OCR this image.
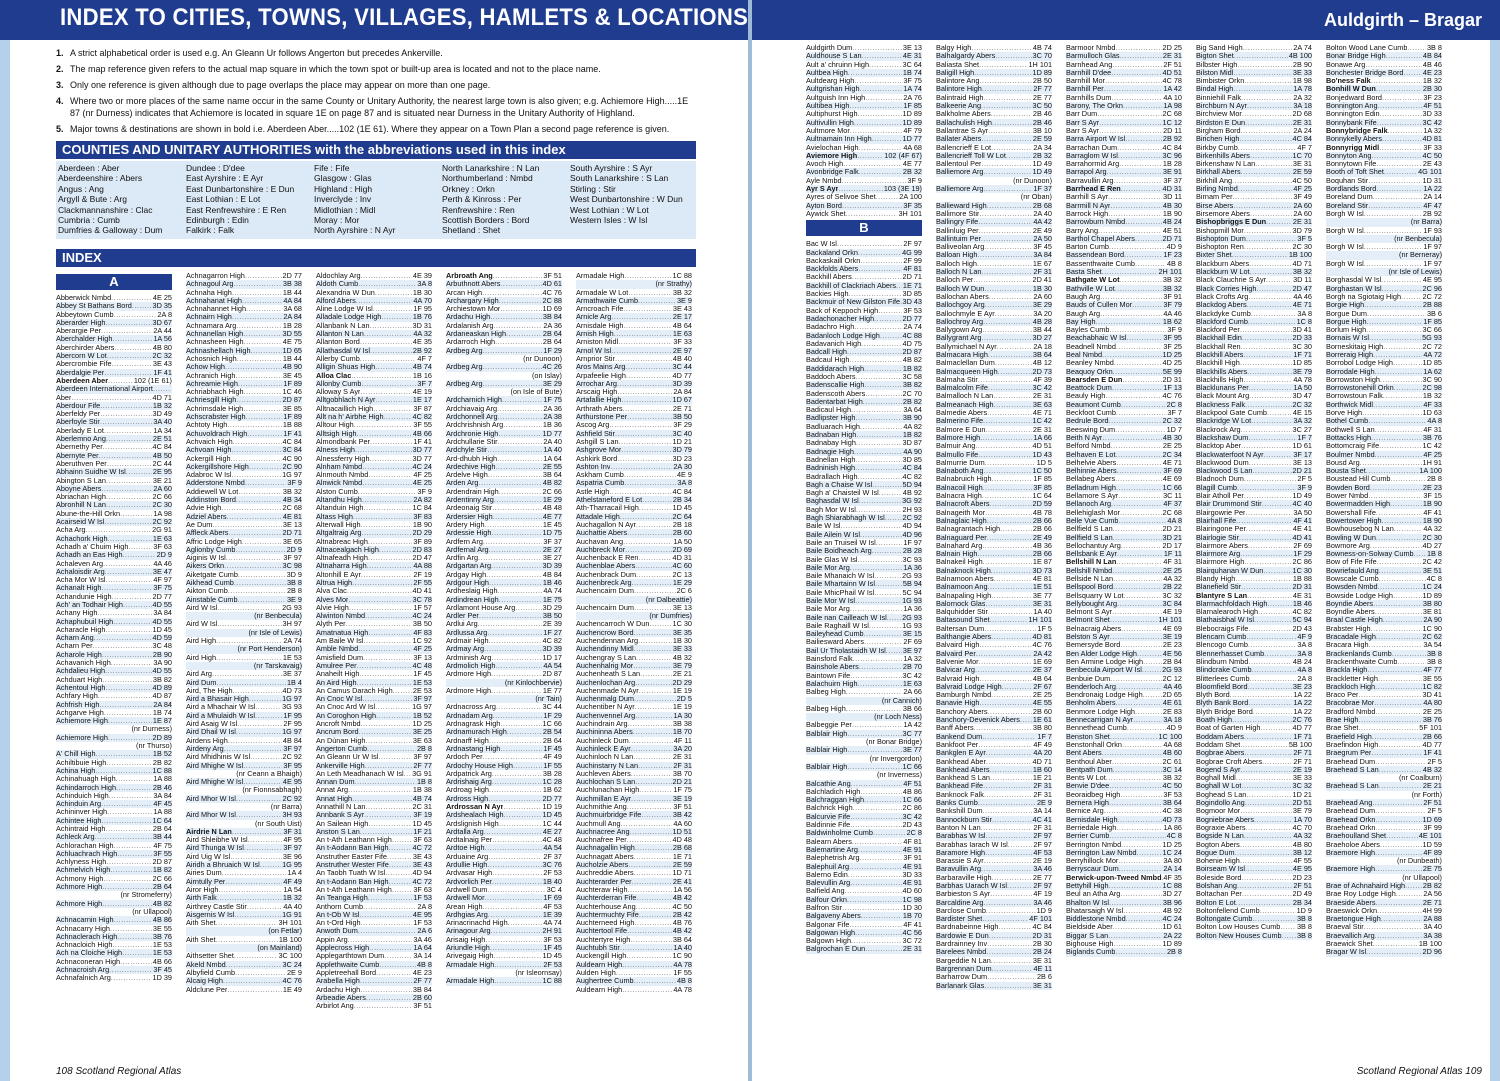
INDEX TO CITIES, TOWNS, VILLAGES, HAMLETS & LOCATIONS
1. A strict alphabetical order is used e.g. An Gleann Ur follows Angerton but precedes Ankerville.
2. The map reference given refers to the actual map square in which the town spot or built-up area is located and not to the place name.
3. Only one reference is given although due to page overlaps the place may appear on more than one page.
4. Where two or more places of the same name occur in the same County or Unitary Authority, the nearest large town is also given; e.g. Achiemore High.....1E 87 (nr Durness) indicates that Achiemore is located in square 1E on page 87 and is situated near Durness in the Unitary Authority of Highland.
5. Major towns & destinations are shown in bold i.e. Aberdeen Aber.....102 (1E 61). Where they appear on a Town Plan a second page reference is given.
COUNTIES AND UNITARY AUTHORITIES with the abbreviations used in this index
Aberdeen : Aber
Aberdeenshire : Abers
Angus : Ang
Argyll & Bute : Arg
Clackmannanshire : Clac
Cumbria : Cumb
Dumfries & Galloway : Dum
Dundee : D'dee
East Ayrshire : E Ayr
East Dunbartonshire : E Dun
East Lothian : E Lot
East Renfrewshire : E Ren
Edinburgh : Edin
Falkirk : Falk
Fife : Fife
Glasgow : Glas
Highland : High
Inverclyde : Inv
Midlothian : Midl
Moray : Mor
North Ayrshire : N Ayr
North Lanarkshire : N Lan
Northumberland : Nmbd
Orkney : Orkn
Perth & Kinross : Per
Renfrewshire : Ren
Scottish Borders : Bord
Shetland : Shet
South Ayrshire : S Ayr
South Lanarkshire : S Lan
Stirling : Stir
West Dunbartonshire : W Dun
West Lothian : W Lot
Western Isles : W Isl
INDEX
A
Abberwick Nmbd
.....	4E 25
Abbey St Bathans Bord
.....	3D 35
Abbeytown Cumb
.....	2A 8
Aberarder High
.....	3D 67
Aberargie Per
.....	2A 44
Aberchalder High
.....	1A 56
Aberchirder Abers
.....	4B 80
Abercorn W Lot
.....	2C 32
Abercrombie Fife
.....	3E 43
Aberdalgie Per
.....	1F 41
Aberdeen Aber
.....	102 (1E 61)
Aberdeen International Airport
.....
Aber
.....	4D 71
Aberdour Fife
.....	1B 32
Aberfeldy Per
.....	3D 49
Aberfoyle Stir
.....	3A 40
Aberlady E Lot
.....	1A 34
Aberlemno Ang
.....	2E 51
Abernethy Per
.....	4C 84
Abernyte Per
.....	4B 50
Aberuthven Per
.....	2C 44
Abhainn Suidhe W Isl
.....	2E 95
Abington S Lan
.....	3E 21
Aboyne Abers
.....	2A 60
Abriachan High
.....	2C 66
Abronhill N Lan
.....	2C 30
Abune-the-Hill Orkn
.....	1A 98
Acairseid W Isl
.....	2C 92
Acha Arg
.....	2G 91
Achachork High
.....	1E 63
Achadh a' Chuim High
.....	3F 63
Achadh an Eas High
.....	2D 9
Achaleven Arg
.....	4A 46
Achaloisdir Arg
.....	3E 47
Acha Mor W Isl
.....	4F 97
Achanalt High
.....	3F 75
Achandunie High
.....	2D 77
Ach' an Todhair High
.....	4D 55
Achany High
.....	3A 84
Achaphubuil High
.....	4D 55
Acharacle High
.....	1D 45
Acharn Ang
.....	4D 59
Acharn Per
.....	3C 48
Acharole High
.....	2B 90
Achavanich High
.....	3A 90
Achdalieu High
.....	4D 55
Achduart High
.....	3B 82
Achentoul High
.....	4D 89
Achfary High
.....	4D 87
Achfrish High
.....	2A 84
Achgarve High
.....	1B 74
Achiemore High
.....	1E 87
(nr Durness)
Achiemore High
.....	2D 89
(nr Thurso)
A' Chill High
.....	1B 52
Achiltibuie High
.....	2B 82
Achina High
.....	1C 88
Achinahuagh High
.....	1A 88
Achindarroch High
.....	2B 46
Achinduich High
.....	3A 84
Achinduin Arg
.....	4F 45
Achininver High
.....	1A 88
Achintee High
.....	1C 64
Achintraid High
.....	2B 64
Achleck Arg
.....	3B 44
Achlorachan High
.....	4F 75
Achluachrach High
.....	3F 55
Achlyness High
.....	2D 87
Achmelvich High
.....	1B 82
Achmony High
.....	2C 66
Achmore High
.....	2B 64
(nr Stromeferry)
Achmore High
.....	4B 82
(nr Ullapool)
Achnacarnin High
.....	4B 86
Achnacarry High
.....	3E 55
Achnaclerach High
.....	3B 76
Achnacloich High
.....	1E 53
Ach na Cloiche High
.....	1E 53
Achnaconeran High
.....	4B 66
Achnacroish Arg
.....	3F 45
Achnafalnich Arg
.....	1D 39
Achnagarron High
.....	2D 77
Achnagoul Arg
.....	3B 38
Achnaha High
.....	1B 44
Achnahanat High
.....	4A 84
Achnahannet High
.....	3A 68
Achnairn High
.....	2A 84
Achnamara Arg
.....	1B 28
Achnanellan High
.....	3D 55
Achnasheen High
.....	4E 75
Achnashellach High
.....	1D 65
Achosnich High
.....	1B 44
Achow High
.....	4B 90
Achranich High
.....	3E 45
Achreamie High
.....	1F 89
Achriabhach High
.....	1C 46
Achriesgill High
.....	2D 87
Achrimsdale High
.....	3E 85
Achscrabster High
.....	1F 89
Achtoty High
.....	1B 88
Achuvoldrach High
.....	1F 41
Achvaich High
.....	4C 84
Achvoan High
.....	3C 84
Ackergill High
.....	4C 90
Ackergillshore High
.....	2C 90
Adabroc W Isl
.....	1G 97
Adderstone Nmbd
.....	3F 9
Addiewell W Lot
.....	3B 32
Addinston Bord
.....	4B 34
Advie High
.....	2C 68
Adziel Abers
.....	4E 81
Ae Dum
.....	3E 13
Affleck Abers
.....	2D 71
Affric Lodge High
.....	3E 65
Aglionby Cumb
.....	2D 9
Aiginis W Isl
.....	3F 97
Aikers Orkn
.....	3C 98
Aiketgate Cumb
.....	3D 9
Aikhead Cumb
.....	3B 8
Aikton Cumb
.....	2B 8
Ainstable Cumb
.....	3E 9
Aird W Isl
.....	2G 93
(nr Benbecula)
Aird W Isl
.....	3H 97
(nr Isle of Lewis)
Aird High
.....	2A 74
(nr Port Henderson)
Aird High
.....	1E 53
(nr Tarskavaig)
Aird Arg
.....	3E 37
Aird Dum
.....	1B 4
Aird, The High
.....	4D 73
Aird a Bhasair High
.....	1G 97
Aird a Mhachair W Isl
.....	3G 93
Aird a Mhulaidh W Isl
.....	1F 95
Aird Asaig W Isl
.....	2F 95
Aird Dhail W Isl
.....	1G 97
Airdens High
.....	4B 84
Airdeny Arg
.....	3F 97
Aird Mhidhinis W Isl
.....	2C 92
Aird Mhighe W Isl
.....	3F 95
(nr Ceann a Bhaigh)
Aird Mhighe W Isl
.....	4E 95
(nr Fionnsabhagh)
Aird Mhor W Isl
.....	2C 92
(nr Barra)
Aird Mhor W Isl
.....	3H 93
(nr South Uist)
Airdrie N Lan
.....	3F 31
Aird Shleibhe W Isl
.....	4F 95
Aird Thunga W Isl
.....	3F 97
Aird Uig W Isl
.....	3E 96
Airidh a Bhruaich W Isl
.....	1G 95
Airies Dum
.....	1A 4
Airntully Per
.....	4F 49
Airor High
.....	1A 54
Airth Falk
.....	1B 32
Airthrey Castle Stir
.....	4A 40
Aisgernis W Isl
.....	1G 91
Aith Shet
.....	3H 101
(on Fetlar)
Aith Shet
.....	1B 100
(on Mainland)
Aithsetter Shet
.....	3C 100
Akeld Nmbd
.....	3C 24
Albyfield Cumb
.....	2E 9
Alcaig High
.....	4C 76
Aldclune Per
.....	1E 49
Aldochlay Arg
.....	4E 39
Aldoth Cumb
.....	3A 8
Alexandria W Dun
.....	1B 30
Alford Abers
.....	4A 70
Aline Lodge W Isl
.....	1F 95
Alladale Lodge High
.....	1B 76
Allanbank N Lan
.....	3D 31
Allanton N Lan
.....	4A 32
Allanton Bord
.....	4E 35
Allathasdal W Isl
.....	2B 92
Allerby Cumb
.....	4F 7
Alligin Shuas High
.....	4B 74
Alloa Clac
.....	1B 16
Allonby Cumb
.....	3F 7
Alloway S Ayr
.....	4E 19
Alltgobhlach N Ayr
.....	1E 17
Alltnacaillich High
.....	3F 87
Allt na h' Airbhe High
.....	4C 82
Alltour High
.....	3F 55
Alltsigh High
.....	4B 66
Almondbank Per
.....	1F 41
Alness High
.....	3D 77
Alnessferry High
.....	3D 77
Alnham Nmbd
.....	4C 24
Alnmouth Nmbd
.....	4F 25
Alnwick Nmbd
.....	4E 25
Alston Cumb
.....	3F 9
Altandhu High
.....	2A 82
Altanduin High
.....	1C 84
Altass High
.....	3F 83
Alterwall High
.....	1B 90
Altgaltraig Arg
.....	2D 29
Altnabreac High
.....	3F 89
Altnacealgach High
.....	2D 83
Altnafeadh High
.....	2D 47
Altnaharra High
.....	4A 88
Altonhill E Ayr
.....	2F 19
Altrua High
.....	2F 55
Alva Clac
.....	4D 41
Alves Mor
.....	3C 78
Alvie High
.....	1F 57
Alwinton Nmbd
.....	4C 24
Alyth Per
.....	3B 50
Amatnatua High
.....	4F 83
Am Baile W Isl
.....	1C 92
Amble Nmbd
.....	4F 25
Amisfield Dum
.....	3F 13
Amulree Per
.....	4C 48
Anaheilt High
.....	1F 45
An Aird High
.....	1E 53
An Camus Darach High
.....	2E 53
An Cnoc W Isl
.....	3F 97
An Cnoc Ard W Isl
.....	1G 97
An Coroghon High
.....	1B 52
Ancroft Nmbd
.....	1D 25
Ancrum Bord
.....	3E 25
An Dùnan High
.....	3E 63
Angerton Cumb
.....	2B 8
An Gleann Ur W Isl
.....	3F 97
Ankerville High
.....	2F 77
An Leth Meadhanach W Isl
..... 3G 91
Annan Dum
.....	1B 8
Annat Arg
.....	1B 38
Annat High
.....	4B 74
Annathill N Lan
.....	2C 31
Annbank S Ayr
.....	3F 19
An Sailean High
.....	1D 45
Anston S Lan
.....	1F 21
An t-Ath Leathann High
.....	3F 63
An t-Aodann Ban High
.....	4C 72
Anstruther Easter Fife
.....	3E 43
Anstruther Wester Fife
.....	3E 43
An Taobh Tuath W Isl
.....	4D 94
An t-Aodann Ban High
.....	4C 72
An t-Ath Leathann High
.....	3F 63
An Teanga High
.....	1F 53
Anthorn Cumb
.....	2A 8
An t-Ob W Isl
.....	4E 95
An t-Ord High
.....	1F 53
Anwoth Dum
.....	2A 6
Appin Arg
.....	3A 46
Applecross High
.....	1A 64
Applegarthtown Dum
.....	3A 14
Applethwaite Cumb
.....	4B 8
Appletreehall Bord
.....	4E 23
Arabella High
.....	2F 77
Ardachu High
.....	3B 84
Arbeadie Abers
.....	2B 60
Arbirlot Ang
.....	3F 51
Arbroath Ang
.....	3F 51
Arbuthnott Abers
.....	4D 61
Arcan High
.....	4C 76
Archargary High
.....	2C 88
Archiestown Mor
.....	1D 69
Ardachu High
.....	3B 84
Ardalanish Arg
.....	2A 36
Ardaneaskan High
.....	2B 64
Ardarroch High
.....	2B 64
Ardbeg Arg
.....	1F 29
(nr Dunoon)
Ardbeg Arg
.....	4C 26
(on Islay)
Ardbeg Arg
.....	3E 29
(on Isle of Bute)
Ardcharnich High
.....	1F 75
Ardchiavaig Arg
.....	2A 36
Ardchonnell Arg
.....	2A 38
Ardchrishnish Arg
.....	1B 36
Ardchronie High
.....	1D 77
Ardchullarie Stir
.....	2A 40
Ardchyle Stir
.....	1A 40
Ard-dhubh High
.....	1A 64
Ardechive High
.....	2E 55
Ardelve High
.....	3B 64
Arden Arg
.....	4B 82
Ardendrain High
.....	2C 66
Ardentinny Arg
.....	1E 29
Ardeonaig Stir
.....	4B 48
Ardersier High
.....	4E 77
Ardery High
.....	1E 45
Ardessie High
.....	1D 75
Ardfern Arg
.....	3F 37
Ardfernal Arg
.....	2E 27
Ardfin Arg
.....	3E 27
Ardgartan Arg
.....	3D 39
Ardgay High
.....	4B 84
Ardgour High
.....	1B 46
Ardheslaig High
.....	4A 74
Ardindrean High
.....	1E 75
Ardlamont House Arg
.....	3D 29
Ardler Per
.....	3B 50
Ardlui Arg
.....	2E 39
Ardlussa Arg
.....	1F 27
Ardmair High
.....	4C 82
Ardmay Arg
.....	3D 39
Ardminish Arg
.....	1D 17
Ardmolich High
.....	4A 54
Ardmore High
.....	2D 87
(nr Kinlochbervie)
Ardmore High
.....	1E 77
(nr Tain)
Ardnacross Arg
.....	3C 44
Ardnadam Arg
.....	1F 29
Ardnagrask High
.....	1C 66
Ardnamurach High
.....	2B 54
Ardnarff High
.....	2B 64
Ardnastang High
.....	1F 45
Ardoch Per
.....	4F 49
Ardochy House High
.....	1F 55
Ardpatrick Arg
.....	3B 28
Ardrishaig Arg
.....	1C 28
Ardroag High
.....	1B 62
Ardross High
.....	2D 77
Ardrossan N Ayr
.....	1D 19
Ardshealach High
.....	1D 45
Ardslignish High
.....	1C 44
Ardtalla Arg
.....	4E 27
Ardtalnaig Per
.....	4C 48
Ardtoe High
.....	4A 54
Arduaine Arg
.....	2F 37
Ardullie High
.....	3C 76
Ardvasar High
.....	2F 53
Ardvorlich Per
.....	1B 40
Ardwell Dum
.....	3C 4
Ardwell Mor
.....	1F 69
Arean High
.....	4F 53
Ardhgias Arg
.....	1E 39
Arinacrinachd High
.....	4A 74
Arinagour Arg
.....	2H 91
Arisaig High
.....	3F 53
Ariundle High
.....	1F 45
Arivegaig High
.....	1D 45
Armadale High
.....	2F 53
(nr Isleornsay)
Armadale High
.....	1C 88
Armadale High
.....	1C 88
(nr Strathy)
Armadale W Lot
.....	3B 32
Armathwaite Cumb
.....	3E 9
Arncroach Fife
.....	3E 43
Arnicle Arg
.....	2E 17
Arnisdale High
.....	4B 64
Arnish High
.....	1E 63
Arniston Midl
.....	3F 33
Arnol W Isl
.....	2E 97
Arnprior Stir
.....	4B 40
Aros Mains Arg
.....	3C 44
Arpafeelie High
.....	4D 77
Arrochar Arg
.....	3D 39
Arscaig High
.....	2A 84
Artafallie High
.....	1D 67
Arthrath Abers
.....	2E 71
Arthurstone Per
.....	3B 50
Ascog Arg
.....	3F 29
Ashfield Stir
.....	3C 40
Ashgill S Lan
.....	1D 21
Ashgrove Mor
.....	3D 79
Ashkirk Bord
.....	3D 23
Ashton Inv
.....	2A 30
Askham Cumb
.....	4E 9
Aspatria Cumb
.....	3A 8
Astle High
.....	4C 84
Athelstaneford E Lot
.....	2B 34
Ath-Tharracail High
.....	1D 45
Attadale High
.....	2C 64
Auchagallon N Ayr
.....	2B 18
Auchattie Abers
.....	2B 60
Auchavan Ang
.....	1A 50
Auchbreck Mor
.....	2D 69
Auchenback E Ren
.....	4D 31
Auchenblae Abers
.....	4C 60
Auchenbrack Dum
.....	2C 13
Auchenbreck Arg
.....	1E 29
Auchencairn Dum
.....	2C 6
(nr Dalbeattie)
Auchencairn Dum
.....	3E 13
(nr Dumfries)
Auchencarroch W Dun
.....	1C 30
Auchencrow Bord
.....	3E 35
Auchendennan Arg
.....	1B 30
Auchendinny Midl
.....	3E 33
Auchengray S Lan
.....	4B 32
Auchenhalrig Mor
.....	3E 79
Auchenheath S Lan
.....	2E 21
Auchenlochan Arg
.....	2D 29
Auchenmade N Ayr
.....	1E 19
Auchenmalg Dum
.....	2D 5
Auchentiber N Ayr
.....	1E 19
Auchenvennel Arg
.....	1A 30
Auchindrain Arg
.....	3B 38
Auchininna Abers
.....	1B 70
Auchinleck Dum
.....	4F 11
Auchinleck E Ayr
.....	3A 20
Auchinloch N Lan
.....	2E 31
Auchinstarry N Lan
.....	2F 31
Auchleven Abers
.....	3B 70
Auchlochan S Lan
.....	2D 21
Auchlunachan High
.....	1F 75
Auchmillan E Ayr
.....	3E 19
Auchmithie Ang
.....	3F 51
Auchmuirbridge Fife
.....	3B 42
Auchmull Ang
.....	4A 60
Auchnacree Ang
.....	1D 51
Auchnafree Per
.....	4D 48
Auchnagallin High
.....	2B 68
Auchnagatt Abers
.....	1E 71
Aucholzie Abers
.....	2E 59
Auchreddie Abers
.....	1D 71
Auchterarder Per
.....	2E 41
Auchteraw High
.....	1A 56
Auchterderran Fife
.....	4B 42
Auchterhouse Ang
.....	4C 50
Auchtermuchty Fife
.....	2B 42
Auchterneed High
.....	4B 76
Auchtertool Fife
.....	4B 42
Auchtertyre High
.....	3B 64
Auchtubh Stir
.....	1A 40
Auckengill High
.....	1C 90
Auldearn High
.....	4A 78
Aulden High
.....	1F 55
Aughertree Cumb
.....	4B 8
Auldearn High
.....	4A 78
108 Scotland Regional Atlas
Auldgirth – Bragar
Auldgirth Dum
.....	3E 13
Auldhouse S Lan
.....	4E 31
Ault a' chruinn High
.....	3C 64
Aultbea High
.....	1B 74
Aultdearg High
.....	3F 75
Aultgrishan High
.....	1A 74
Aultguish Inn High
.....	2A 76
Aultibea High
.....	1F 85
Aultiphurst High
.....	1D 89
Aultivullin High
.....	1D 89
Aultmore Mor
.....	4F 79
Aultnamain Inn High
.....	1D 77
Avielochan High
.....	4A 68
Aviemore High
.....	102 (4F 67)
Avoch High
.....	4E 77
Avonbridge Falk
.....	2B 32
Ayle Nmbd
.....	3F 9
Ayr S Ayr
.....	103 (3E 19)
Ayres of Selivoe Shet
.....	2A 100
Ayton Bord
.....	3F 35
Aywick Shet
.....	3H 101
B
Bac W Isl
.....	2F 97
Backaland Orkn
.....	4G 99
Backaskaill Orkn
.....	2F 99
Backfolds Abers
.....	4F 81
Backhill Abers
.....	2D 71
Backhill of Clackriach Abers
..... 1E 71
Backies High
.....	3D 85
Backmuir of New Gilston Fife
..... 3D 43
Back of Keppoch High
.....	3F 53
Badachonacher High
.....	2D 77
Badachro High
.....	2A 74
Badanloch Lodge High
.....	4C 88
Badavanich High
.....	4D 75
Badcall High
.....	2D 87
Badcaul High
.....	4B 82
Baddidarach High
.....	1B 82
Baddoch Abers
.....	3C 58
Badenscallie High
.....	3B 82
Badenscoth Abers
.....	2C 70
Badentarbat High
.....	2B 82
Badicaul High
.....	3A 64
Badlipster High
.....	3B 90
Badluarach High
.....	4A 82
Badnaban High
.....	1B 82
Badnabay High
.....	3D 87
Badnagie High
.....	4A 90
Badnellan High
.....	3D 85
Badninish High
.....	4C 84
Badrallach High
.....	4C 82
Bagh a Chaise W Isl
.....	5D 94
Bagh a' Chaisteil W Isl
.....	4B 92
Baghasdal W Isl
.....	3G 92
Bagh Mor W Isl
.....	2H 93
Bagh Shiarabhagh W Isl
..... 2C 92
Baile W Isl
.....	4D 94
Baile Ailein W Isl
.....	4D 96
Baile an Truiseil W Isl
.....	1F 97
Baile Boidheach Arg
.....	2B 28
Baile Glas W Isl
.....	3C 93
Baile Mor Arg
.....	1A 36
Baile Mhanaich W Isl
.....	2G 93
Baile Mhartainn W Isl
.....	5B 94
Baile MhicPhail W Isl
.....	5C 94
Baile Mor W Isl
.....	1G 93
Baile Mor Arg
.....	1A 36
Baile nan Cailleach W Isl
..... 2G 93
Baile Raghaill W Isl
.....	1G 93
Baileyhead Cumb
.....	3E 15
Bailiesward Abers
.....	2F 69
Bail Ur Tholastaidh W Isl
..... 3E 97
Bainsford Falk
.....	1A 32
Bainshole Abers
.....	2B 70
Baintown Fife
.....	3C 42
Balachuirn High
.....	1E 63
Balbeg High
.....	2A 66
(nr Cannich)
Balbeg High
.....	3B 66
(nr Loch Ness)
Balbeggie Per
.....	1A 42
Balblair High
.....	3C 77
(nr Bonar Bridge)
Balblair High
.....	3E 77
(nr Invergordon)
Balblair High
.....	1C 66
(nr Inverness)
Balcathie Ang
.....	4F 51
Balchladich High
.....	4B 86
Balchraggan High
.....	1C 66
Balchrick High
.....	2C 86
Balcurvie Fife
.....	3C 42
Baldinnie Fife
.....	2D 43
Baldwinholme Cumb
.....	2C 8
Balearn Abers
.....	4F 81
Balemartine Arg
.....	4E 91
Balephetrish Arg
.....	3F 91
Balephuil Arg
.....	4E 91
Balerno Edin
.....	3D 33
Balevullin Arg
.....	4E 91
Balfield Ang
.....	4D 60
Balfour Orkn
.....	1C 98
Balfron Stir
.....	1D 30
Balgaveny Abers
.....	1B 70
Balgonar Fife
.....	4F 41
Balgowan High
.....	4C 56
Balgown High
.....	3C 72
Balgrochan E Dun
.....	2E 31
Balgy High
.....	4B 74
Balhalgardy Abers
.....	3C 70
Baliasta Shet
.....	1H 101
Baligill High
.....	1D 89
Balintore Ang
.....	2B 50
Balintore High
.....	2F 77
Balintraid High
.....	2E 77
Balkeerie Ang
.....	3C 50
Balkholme Abers
.....	2B 46
Ballachulish High
.....	2B 46
Ballantrae S Ayr
.....	3B 10
Ballater Abers
.....	2E 59
Ballencrieff E Lot
.....	2A 34
Ballencrieff Toll W Lot
.....	2B 32
Ballentoul Per
.....	1D 49
Balliemore Arg
.....	1D 49
(nr Dunoon)
Balliemore Arg
.....	1F 37
(nr Oban)
Ballieward High
.....	2B 68
Ballimore Stir
.....	2A 40
Ballingry Fife
.....	4A 42
Ballinluig Per
.....	2E 49
Ballintuim Per
.....	2A 50
Balliveolan Arg
.....	3F 45
Balloan High
.....	3A 84
Balloch High
.....	1E 67
Balloch N Lan
.....	2F 31
Balloch Per
.....	2D 41
Balloch W Dun
.....	1B 30
Ballochan Abers
.....	2A 60
Ballochgoy Arg
.....	3E 29
Ballochmyle E Ayr
.....	3A 20
Ballochroy Arg
.....	4B 28
Ballygown Arg
.....	3B 44
Ballygrant Arg
.....	3D 27
Ballymichael N Ayr
.....	2A 18
Balmacara High
.....	3B 64
Balmaclellan Dum
.....	4B 12
Balmacqueen High
.....	2D 73
Balmaha Stir
.....	4F 39
Balmalcolm Fife
.....	3C 42
Balmalloch N Lan
.....	2E 31
Balmeanach High
.....	3E 63
Balmedie Abers
.....	4E 71
Balmerino Fife
.....	1C 42
Balmore E Dun
.....	2E 31
Balmore High
.....	1A 66
Balmuir Ang
.....	4D 51
Balmullo Fife
.....	1D 43
Balmurrie Dum
.....	1D 5
Balnaboth Ang
.....	1C 50
Balnabruich High
.....	1F 85
Balnacoil High
.....	3F 85
Balnacra High
.....	1C 64
Balnacroft Abers
.....	2D 59
Balnageith Mor
.....	4B 78
Balnaglaic High
.....	2B 66
Balnagrantach High
.....	2B 66
Balnaguard Per
.....	2E 49
Balnahard Arg
.....	4B 36
Balnain High
.....	2B 66
Balnakeil High
.....	1E 87
Balnaknock High
.....	3D 73
Balnamoon Abers
.....	4E 81
Balnamoon Ang
.....	1E 51
Balnapaling High
.....	3E 77
Balornock Glas
.....	3E 31
Balquhidder Stir
.....	1A 40
Baltasound Shet
.....	1H 101
Baltersan Dum
.....	1F 5
Balthangie Abers
.....	4D 81
Balvaird High
.....	4C 76
Balvaird Per
.....	2A 42
Balvenie Mor
.....	1E 69
Balvicar Arg
.....	2E 37
Balvraid High
.....	4B 64
Balvraid Lodge High
.....	2F 67
Bamburgh Nmbd
.....	2E 25
Banavie High
.....	4E 55
Banchory Abers
.....	2B 60
Banchory-Devenick Abers
..... 1E 61
Banff Abers
.....	3B 80
Bankend Dum
.....	1F 7
Bankfoot Per
.....	4F 49
Bankglen E Ayr
.....	4A 20
Bankhead Aber
.....	4D 71
Bankhead Abers
.....	1B 60
Bankhead S Lan
.....	1E 21
Bankhead Fife
.....	2F 31
Banknock Falk
.....	2F 31
Banks Cumb
.....	2E 9
Bankshill Dum
.....	3A 14
Bannockburn Stir
.....	4C 41
Banton N Lan
.....	2F 31
Barabhas W Isl
.....	2F 97
Barabhas Iarach W Isl
.....	2F 97
Baramore High
.....	4F 53
Barassie S Ayr
.....	2E 19
Baravullin Arg
.....	3A 46
Barbaraville High
.....	2E 77
Barbhas Uarach W Isl
.....	2F 97
Barbieston S Ayr
.....	4F 19
Barcaldine Arg
.....	3A 46
Barclose Cumb
.....	1D 9
Bardister Shet
.....	4F 101
Bardnabeinne High
.....	4C 84
Bardowie E Dun
.....	2D 31
Bardrainney Inv
.....	2B 30
Barelees Nmbd
.....	2B 24
Bargeddie N Lan
.....	3E 31
Bargrennan Dum
.....	4E 11
Barharrow Dum
.....	2B 6
Barlanark Glas
.....	3E 31
Barmoor Nmbd
.....	2D 25
Barmulloch Glas
.....	2E 31
Barnhead Ang
.....	2F 51
Barnhill D'dee
.....	4D 51
Barnhill Mor
.....	4C 78
Barnhill Per
.....	1A 42
Barnhills Dum
.....	4A 10
Barony, The Orkn
.....	1A 98
Barr Dum
.....	2C 68
Barr S Ayr
.....	1C 12
Barr S Ayr
.....	2D 11
Barra Airport W Isl
.....	2B 92
Barrachan Dum
.....	4C 84
Barraglom W Isl
.....	3C 96
Barrahormid Arg
.....	1B 28
Barrapol Arg
.....	3E 91
Barravullin Arg
.....	3F 37
Barrhead E Ren
.....	4D 31
Barrhill S Ayr
.....	3D 11
Barrmill N Ayr
.....	4B 30
Barrock High
.....	1B 90
Barrowburn Nmbd
.....	4B 24
Barry Ang
.....	4E 51
Barthol Chapel Abers
.....	2D 71
Barton Cumb
.....	4D 9
Bassendean Bord
.....	1F 23
Bassenthwaite Cumb
.....	4B 8
Basta Shet
.....	2H 101
Bathgate W Lot
.....	3B 32
Bathville W Lot
.....	3B 32
Baugh Arg
.....	3F 91
Bauds of Cullen Mor
.....	3F 79
Baugh Arg
.....	4A 46
Bay High
.....	1B 62
Bayles Cumb
.....	3F 9
Beachabhaic W Isl
.....	3F 95
Beadnell Nmbd
.....	3F 25
Beal Nmbd
.....	1D 25
Beanley Nmbd
.....	4D 25
Beaquoy Orkn
.....	5E 99
Bearsden E Dun
.....	2D 31
Beattock Dum
.....	1F 13
Beauly High
.....	4C 76
Beaumont Cumb
.....	2C 8
Beckfoot Cumb
.....	3F 7
Bedrule Bord
.....	2C 32
Beeswing Dum
.....	1D 7
Beith N Ayr
.....	4B 30
Belford Nmbd
.....	2E 25
Belhaven E Lot
.....	2C 34
Belhelvie Abers
.....	4E 71
Belhinnie Abers
.....	3F 69
Bellabeg Abers
.....	4E 69
Belladrum High
.....	1C 66
Bellamore S Ayr
.....	3C 11
Bellanoch Arg
.....	4F 37
Bellehiglash Mor
.....	2C 68
Belle Vue Cumb
.....	4A 8
Bellfield S Lan
.....	2D 21
Bellfield S Lan
.....	3D 21
Bellochantuy Arg
.....	2D 17
Bellsbank E Ayr
.....	1F 11
Bellshill N Lan
.....	4F 31
Bellshill Nmbd
.....	2E 25
Bellside N Lan
.....	4A 32
Bellspool Bord
.....	2B 22
Bellsquarry W Lot
.....	3C 32
Bellybought Arg
.....	3C 84
Belmont S Ayr
.....	4E 19
Belmont Shet
.....	1H 101
Belnacraig Abers
.....	4E 69
Belston S Ayr
.....	3E 19
Bemersyde Bord
.....	2E 23
Ben Alder Lodge High
.....	4E 56
Ben Armine Lodge High
.....	2B 84
Benbecula Airport W Isl
.....	2G 93
Benbuie Dum
.....	2C 12
Benderloch Arg
.....	4A 46
Bendronaig Lodge High
.....	2D 65
Benholm Abers
.....	4E 61
Benmore Lodge High
.....	2E 83
Bennecarrigan N Ayr
.....	3A 18
Bennethead Cumb
.....	4D 9
Benston Shet
.....	1C 100
Benstonhall Orkn
.....	4A 68
Bent Abers
.....	4B 60
Benthoul Aber
.....	2C 61
Bentpath Dum
.....	3C 14
Bents W Lot
.....	3B 32
Benvie D'dee
.....	4C 50
Beoraidbeg High
.....	3F 53
Bernera High
.....	3B 64
Bernice Arg
.....	4C 38
Bernisdale High
.....	4D 73
Berriedale High
.....	1A 86
Berrier Cumb
.....	4C 8
Berrington Nmbd
.....	1D 25
Berrington Law Nmbd
.....	1C 24
Berryhillock Mor
.....	3A 80
Berryscaur Dum
.....	2A 14
Berwick-upon-Tweed Nmbd
..... 4F 35
Bettyhill High
.....	1C 88
Beul an Atha Arg
.....	3D 27
Bhalton W Isl
.....	3B 96
Bhatarsaigh W Isl
.....	4B 92
Biddlestone Nmbd
.....	4C 24
Bieldside Aber
.....	1D 61
Biggar S Lan
.....	2A 22
Bighouse High
.....	1D 89
Biglands Cumb
.....	2B 8
Big Sand High
.....	2A 74
Bigton Shet
.....	4B 100
Bilbster High
.....	2B 90
Bilston Midl
.....	3E 33
Bimbister Orkn
.....	1B 98
Bindal High
.....	1A 78
Binniehill Falk
.....	2A 32
Birchburn N Ayr
.....	3A 18
Birchview Mor
.....	2D 68
Birdston E Dun
.....	2E 31
Birgham Bord
.....	2A 24
Birichen High
.....	4C 84
Birkby Cumb
.....	4F 7
Birkenhills Abers
.....	1C 70
Birkenshaw N Lan
.....	3E 31
Birkhall Abers
.....	2E 59
Birkhill Ang
.....	4C 50
Birling Nmbd
.....	4F 25
Birnam Per
.....	3F 49
Birse Abers
.....	2A 60
Birsemore Abers
.....	2A 60
Bishopbriggs E Dun
.....	2E 31
Bishopmill Mor
.....	3D 79
Bishopton Dum
.....	3F 5
Bishopton Ren
.....	2C 30
Bixter Shet
.....	1B 100
Blackburn Abers
.....	4D 71
Blackburn W Lot
.....	3B 32
Black Clauchrie S Ayr
.....	3D 11
Black Corries High
.....	2D 47
Black Crofts Arg
.....	4A 46
Blackdog Abers
.....	4E 71
Blackdyke Cumb
.....	3A 8
Blackford Cumb
.....	1C 8
Blackford Per
.....	3D 41
Blackhall Edin
.....	2D 33
Blackhall Ren
.....	3C 30
Blackhill Abers
.....	1F 71
Blackhill High
.....	1D 85
Blackhills Abers
.....	3E 79
Blackhills High
.....	4A 78
Blacklunans Per
.....	1A 50
Black Mount Arg
.....	3D 47
Blackness Falk
.....	2C 32
Blackpool Gate Cumb
.....	4E 15
Blackridge W Lot
.....	3A 32
Blackrock Arg
.....	3C 27
Blackshaw Dum
.....	1F 7
Blacktop Aber
.....	1D 61
Blackwaterfoot N Ayr
.....	3F 17
Blackwood Dum
.....	3E 13
Blackwood S Lan
.....	2D 21
Bladnoch Dum
.....	2F 5
Blagill Cumb
.....	3F 9
Blair Atholl Per
.....	1D 49
Blair Drummond Stir
.....	4C 40
Blairgowrie Per
.....	3A 50
Blairhall Fife
.....	4F 41
Blairingone Per
.....	4E 41
Blairlogie Stir
.....	4D 41
Blairmore Abers
.....	2F 69
Blairmore Arg
.....	1F 29
Blairmore High
.....	2C 86
Blairquhanan W Dun
.....	1C 30
Blandy High
.....	1B 88
Blanefield Stir
.....	2D 31
Blantyre S Lan
.....	4E 31
Blarmachfoldach High
.....	1B 46
Blarnalearoch High
.....	4C 82
Blathaisbhal W Isl
.....	5C 94
Blebocraigs Fife
.....	2D 43
Blencarn Cumb
.....	4F 9
Blencogo Cumb
.....	3A 8
Blennerhasset Cumb
.....	3A 8
Blindburn Nmbd
.....	4B 24
Blindcrake Cumb
.....	4A 8
Blitterlees Cumb
.....	2A 8
Bloomfield Bord
.....	3E 23
Blyth Bord
.....	1A 22
Blyth Bank Bord
.....	1A 22
Blyth Bridge Bord
.....	1A 22
Boath High
.....	2C 76
Boat of Garten High
.....	4D 77
Boddam Abers
.....	1F 71
Boddam Shet
.....	5B 100
Bogbrae Abers
.....	2F 71
Bogbrae Croft Abers
.....	2F 71
Bogend S Ayr
.....	2E 19
Boghall Midl
.....	3E 33
Boghall W Lot
.....	3C 32
Boghead S Lan
.....	1D 21
Bogindollo Ang
.....	2D 51
Bogmoor Mor
.....	3E 79
Bogniebrae Abers
.....	1A 70
Bograxie Abers
.....	4C 70
Bogside N Lan
.....	4A 32
Bogton Abers
.....	4B 80
Bogue Dum
.....	3B 12
Bohenie High
.....	4F 55
Boirseam W Isl
.....	4E 95
Boleside Bord
.....	2D 23
Bolshan Ang
.....	2F 51
Boltachan Per
.....	2D 49
Bolton E Lot
.....	2B 34
Boltonfellend Cumb
.....	1D 9
Boltongate Cumb
.....	3B 8
Bolton Low Houses Cumb
..... 3B 8
Bolton New Houses Cumb
..... 3B 8
Bolton Wood Lane Cumb
.....	3B 8
Bonar Bridge High
.....	4B 84
Bonawe Arg
.....	4B 46
Bonchester Bridge Bord
.....	4E 23
Bo'ness Falk
.....	1B 32
Bonhill W Dun
.....	2B 30
Bonjedward Bord
.....	3F 23
Bonnington Ang
.....	4F 51
Bonnington Edin
.....	3D 33
Bonnybank Fife
.....	3C 42
Bonnybridge Falk
.....	1A 32
Bonnykelly Abers
.....	4D 81
Bonnyrigg Midl
.....	3F 33
Bonnyton Ang
.....	4C 50
Bonnytown Fife
.....	2E 43
Booth of Toft Shet
.....	4G 101
Boquhan Stir
.....	1D 31
Bordlands Bord
.....	1A 22
Boreland Dum
.....	2A 14
Boreland Stir
.....	4F 47
Borgh W Isl
.....	2B 92
(nr Barra)
Borgh W Isl
.....	1F 93
(nr Benbecula)
Borgh W Isl
.....	1F 97
(nr Berneray)
Borgh W Isl
.....	1F 97
(nr Isle of Lewis)
Borghasdal W Isl
.....	4E 95
Borghastan W Isl
.....	2C 96
Borgh na Sgiotaig High
.....	2C 72
Borgie High
.....	2B 88
Borgue Dum
.....	3B 6
Borgue High
.....	1F 85
Borlum High
.....	3C 66
Bornais W Isl
.....	5G 93
Borneskitaig High
.....	2C 72
Borreraig High
.....	4A 72
Borrobol Lodge High
.....	1D 85
Borrodale High
.....	1A 62
Borrowston High
.....	3C 90
Borrowstonehill Orkn
.....	2C 98
Borrowstoun Falk
.....	1B 32
Borthwick Midl
.....	4F 33
Borve High
.....	1D 63
Bothel Cumb
.....	4A 8
Bothwell S Lan
.....	4F 31
Bottacks High
.....	3B 76
Bottomcraig Fife
.....	1C 42
Boulmer Nmbd
.....	4F 25
Bousd Arg
.....	1H 91
Bousta Shet
.....	1A 100
Boustead Hill Cumb
.....	2B 8
Bowden Bord
.....	2E 23
Bower Nmbd
.....	3F 15
Bowermadden High
.....	1B 90
Bowershall Fife
.....	4F 41
Bowertower High
.....	1B 90
Bowhousebog N Lan
.....	4A 32
Bowling W Dun
.....	2C 30
Bowmore Arg
.....	4D 27
Bowness-on-Solway Cumb
..... 1B 8
Bow of Fife Fife
.....	2C 42
Bowriefauld Ang
.....	3E 51
Bowscale Cumb
.....	4C 8
Bowsden Nmbd
.....	1C 24
Bowside Lodge High
.....	1D 89
Boyndie Abers
.....	3B 80
Boyndlie Abers
.....	3E 81
Braal Castle High
.....	2A 90
Brabster High
.....	1C 90
Bracadale High
.....	2C 62
Bracara High
.....	3A 54
Brackenlands Cumb
.....	3B 8
Brackenthwaite Cumb
.....	3B 8
Brackla High
.....	4F 77
Brackletter High
.....	3E 55
Brackloch High
.....	1C 82
Braco Per
.....	3D 41
Bracobrae Mor
.....	4A 80
Bradford Nmbd
.....	2E 25
Brae High
.....	3B 76
Brae Shet
.....	5F 101
Braefield High
.....	2B 66
Braefindon High
.....	4D 77
Braegrum Per
.....	1F 41
Braehead Dum
.....	2F 5
Braehead S Lan
.....	4B 32
(nr Coalburn)
Braehead S Lan
.....	2E 21
(nr Forth)
Braehead Ang
.....	2F 51
Braehead Dum
.....	2F 5
Braehead Orkn
.....	1D 69
Braehead Orkn
.....	3F 99
Braehoulland Shet
.....	4E 101
Braeholoe Abers
.....	1D 59
Braemore High
.....	4F 89
(nr Dunbeath)
Braemore High
.....	2E 75
(nr Ullapool)
Brae of Achnahaird High
..... 2B 82
Brae Roy Lodge High
.....	2A 56
Braeside Abers
.....	2E 71
Braeswick Orkn
.....	4H 99
Braetongue High
.....	2A 88
Braeval Stir
.....	3A 40
Braevallich Arg
.....	3A 38
Braewick Shet
.....	1B 100
Bragar W Isl
.....	2D 96
Scotland Regional Atlas 109
